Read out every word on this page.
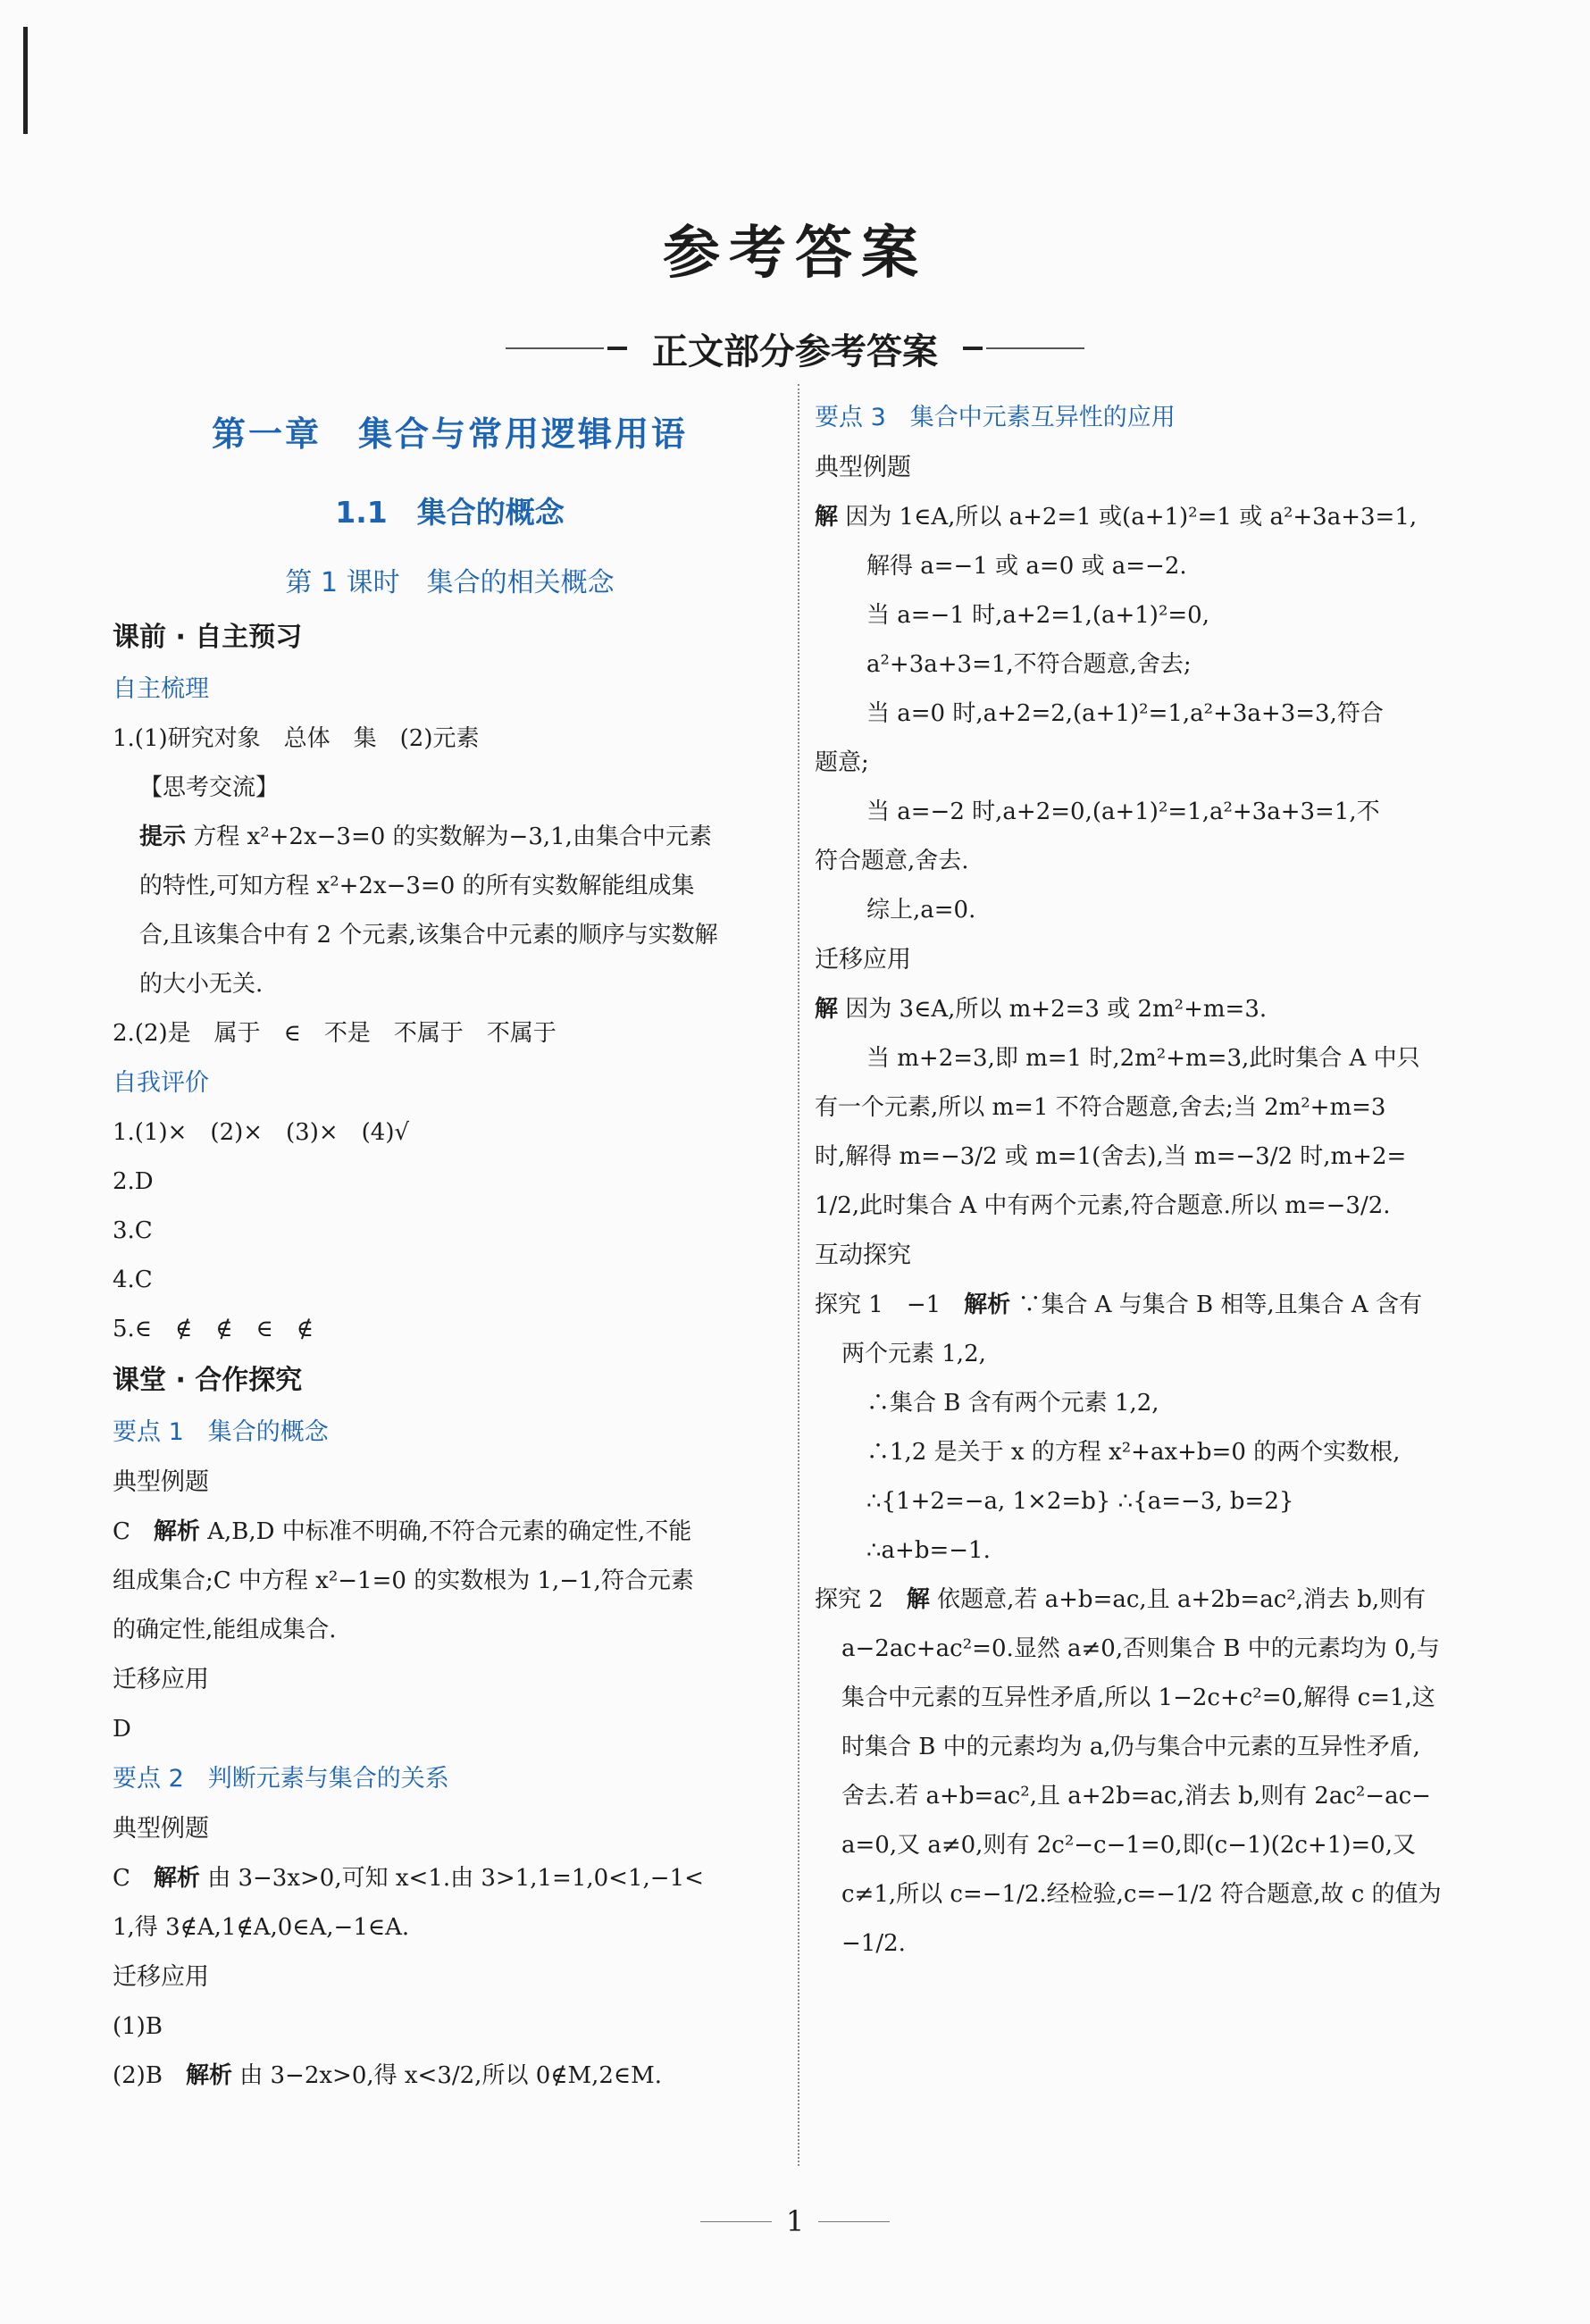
参考答案
正文部分参考答案
第一章　集合与常用逻辑用语
1.1　集合的概念
第 1 课时　集合的相关概念
课前 · 自主预习
自主梳理
1.(1)研究对象　总体　集　(2)元素
【思考交流】
提示 方程 x²+2x−3=0 的实数解为−3,1,由集合中元素
的特性,可知方程 x²+2x−3=0 的所有实数解能组成集
合,且该集合中有 2 个元素,该集合中元素的顺序与实数解
的大小无关.
2.(2)是　属于　∈　不是　不属于　不属于
自我评价
1.(1)×　(2)×　(3)×　(4)√
2.D
3.C
4.C
5.∈　∉　∉　∈　∉
课堂 · 合作探究
要点 1　集合的概念
典型例题
C　 解析 A,B,D 中标准不明确,不符合元素的确定性,不能
组成集合;C 中方程 x²−1=0 的实数根为 1,−1,符合元素
的确定性,能组成集合.
迁移应用
D
要点 2　判断元素与集合的关系
典型例题
C　 解析 由 3−3x>0,可知 x<1.由 3>1,1=1,0<1,−1<
1,得 3∉A,1∉A,0∈A,−1∈A.
迁移应用
(1)B
(2)B　 解析 由 3−2x>0,得 x<3/2,所以 0∉M,2∈M.
要点 3　集合中元素互异性的应用
典型例题
解 因为 1∈A,所以 a+2=1 或(a+1)²=1 或 a²+3a+3=1,
解得 a=−1 或 a=0 或 a=−2.
当 a=−1 时,a+2=1,(a+1)²=0,
a²+3a+3=1,不符合题意,舍去;
当 a=0 时,a+2=2,(a+1)²=1,a²+3a+3=3,符合
题意;
当 a=−2 时,a+2=0,(a+1)²=1,a²+3a+3=1,不
符合题意,舍去.
综上,a=0.
迁移应用
解 因为 3∈A,所以 m+2=3 或 2m²+m=3.
当 m+2=3,即 m=1 时,2m²+m=3,此时集合 A 中只
有一个元素,所以 m=1 不符合题意,舍去;当 2m²+m=3
时,解得 m=−3/2 或 m=1(舍去),当 m=−3/2 时,m+2=
1/2,此时集合 A 中有两个元素,符合题意.所以 m=−3/2.
互动探究
探究 1　 −1　 解析 ∵集合 A 与集合 B 相等,且集合 A 含有
两个元素 1,2,
∴集合 B 含有两个元素 1,2,
∴1,2 是关于 x 的方程 x²+ax+b=0 的两个实数根,
∴{1+2=−a, 1×2=b} ∴{a=−3, b=2}
∴a+b=−1.
探究 2　 解 依题意,若 a+b=ac,且 a+2b=ac²,消去 b,则有
a−2ac+ac²=0.显然 a≠0,否则集合 B 中的元素均为 0,与
集合中元素的互异性矛盾,所以 1−2c+c²=0,解得 c=1,这
时集合 B 中的元素均为 a,仍与集合中元素的互异性矛盾,
舍去.若 a+b=ac²,且 a+2b=ac,消去 b,则有 2ac²−ac−
a=0,又 a≠0,则有 2c²−c−1=0,即(c−1)(2c+1)=0,又
c≠1,所以 c=−1/2.经检验,c=−1/2 符合题意,故 c 的值为
−1/2.
1
